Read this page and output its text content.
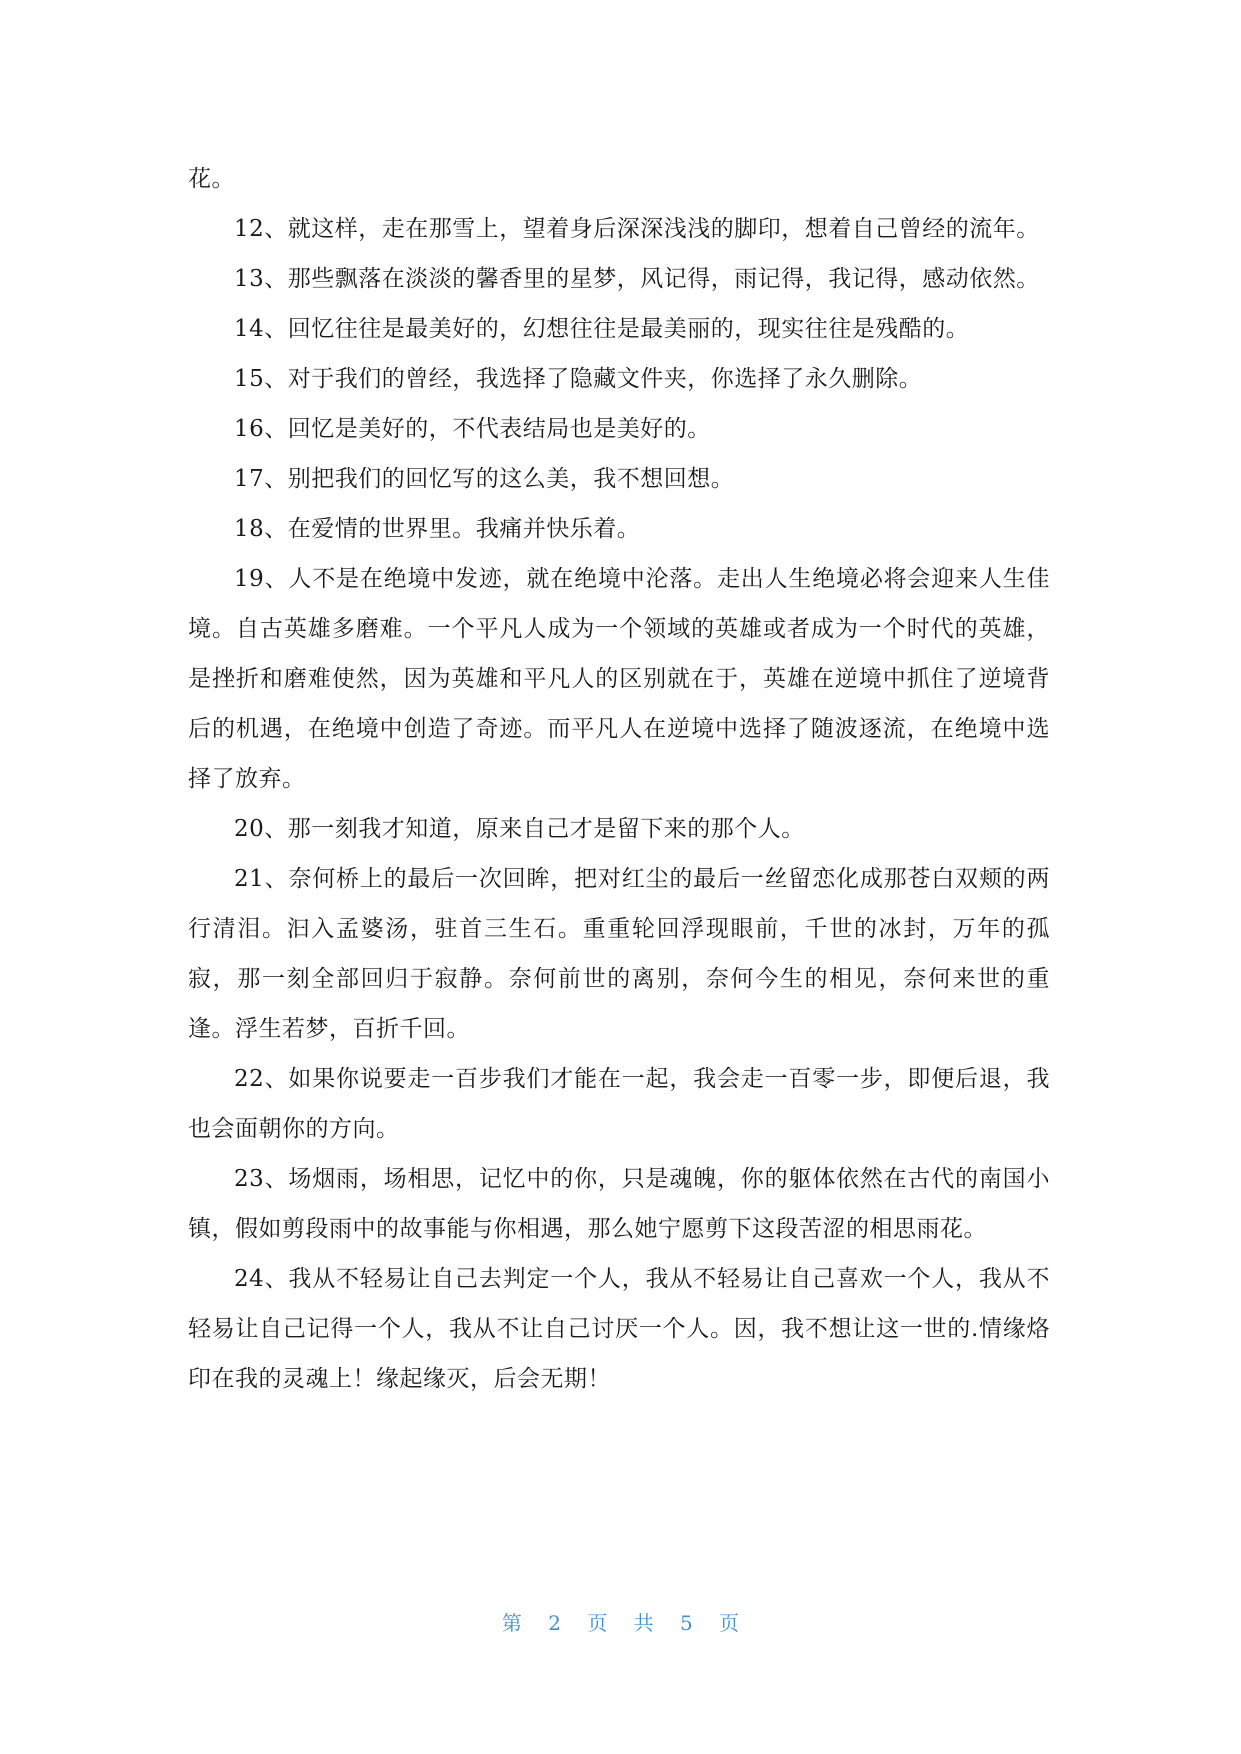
花。

12、就这样，走在那雪上，望着身后深深浅浅的脚印，想着自己曾经的流年。

13、那些飘落在淡淡的馨香里的星梦，风记得，雨记得，我记得，感动依然。

14、回忆往往是最美好的，幻想往往是最美丽的，现实往往是残酷的。

15、对于我们的曾经，我选择了隐藏文件夹，你选择了永久删除。

16、回忆是美好的，不代表结局也是美好的。

17、别把我们的回忆写的这么美，我不想回想。

18、在爱情的世界里。我痛并快乐着。

19、人不是在绝境中发迹，就在绝境中沦落。走出人生绝境必将会迎来人生佳境。自古英雄多磨难。一个平凡人成为一个领域的英雄或者成为一个时代的英雄，是挫折和磨难使然，因为英雄和平凡人的区别就在于，英雄在逆境中抓住了逆境背后的机遇，在绝境中创造了奇迹。而平凡人在逆境中选择了随波逐流，在绝境中选择了放弃。

20、那一刻我才知道，原来自己才是留下来的那个人。

21、奈何桥上的最后一次回眸，把对红尘的最后一丝留恋化成那苍白双颊的两行清泪。汩入孟婆汤，驻首三生石。重重轮回浮现眼前，千世的冰封，万年的孤寂，那一刻全部回归于寂静。奈何前世的离别，奈何今生的相见，奈何来世的重逢。浮生若梦，百折千回。

22、如果你说要走一百步我们才能在一起，我会走一百零一步，即便后退，我也会面朝你的方向。

23、场烟雨，场相思，记忆中的你，只是魂魄，你的躯体依然在古代的南国小镇，假如剪段雨中的故事能与你相遇，那么她宁愿剪下这段苦涩的相思雨花。

24、我从不轻易让自己去判定一个人，我从不轻易让自己喜欢一个人，我从不轻易让自己记得一个人，我从不让自己讨厌一个人。因，我不想让这一世的.情缘烙印在我的灵魂上！缘起缘灭，后会无期！

第 2 页 共 5 页
